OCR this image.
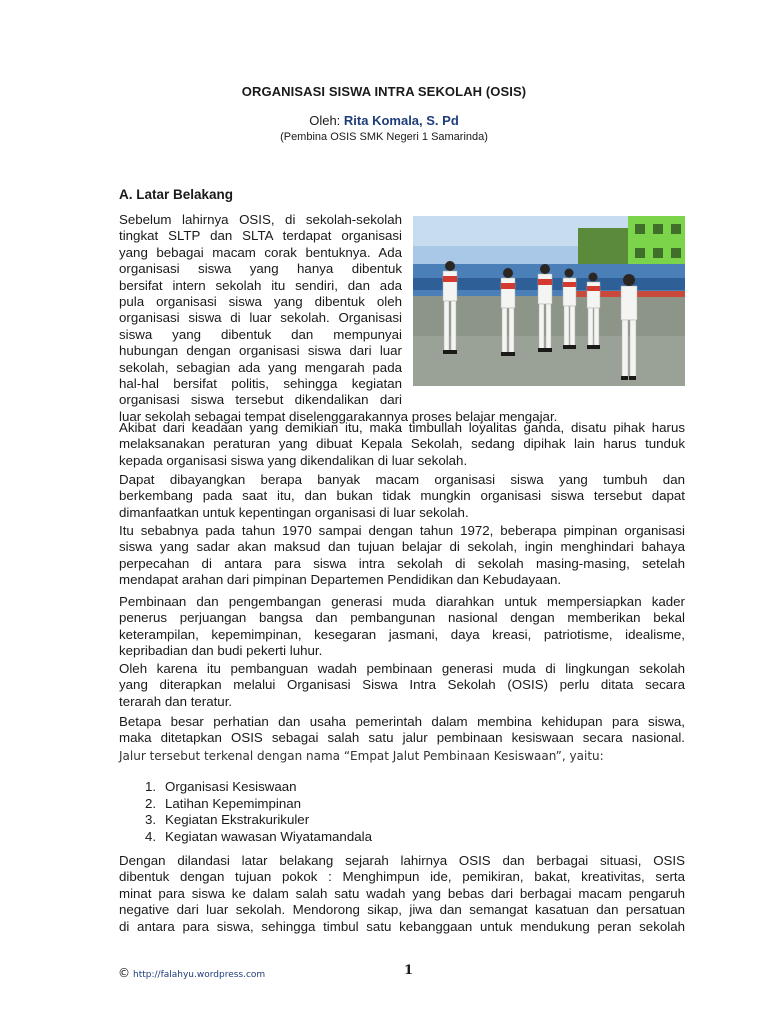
ORGANISASI SISWA INTRA SEKOLAH (OSIS)
Oleh: Rita Komala, S. Pd
(Pembina OSIS SMK Negeri 1 Samarinda)
A. Latar Belakang
Sebelum lahirnya OSIS, di sekolah-sekolah
tingkat SLTP dan SLTA terdapat organisasi
yang bebagai macam corak bentuknya. Ada
organisasi siswa yang hanya dibentuk
bersifat intern sekolah itu sendiri, dan ada
pula organisasi siswa yang dibentuk oleh
organisasi siswa di luar sekolah. Organisasi
siswa yang dibentuk dan mempunyai
hubungan dengan organisasi siswa dari luar
sekolah, sebagian ada yang mengarah pada
hal-hal bersifat politis, sehingga kegiatan
organisasi siswa tersebut dikendalikan dari
luar sekolah sebagai tempat diselenggarakannya proses belajar mengajar.
Akibat dari keadaan yang demikian itu, maka timbullah loyalitas ganda, disatu pihak harus
melaksanakan peraturan yang dibuat Kepala Sekolah, sedang dipihak lain harus tunduk
kepada organisasi siswa yang dikendalikan di luar sekolah.
Dapat dibayangkan berapa banyak macam organisasi siswa yang tumbuh dan
berkembang pada saat itu, dan bukan tidak mungkin organisasi siswa tersebut dapat
dimanfaatkan untuk kepentingan organisasi di luar sekolah.
Itu sebabnya pada tahun 1970 sampai dengan tahun 1972, beberapa pimpinan organisasi
siswa yang sadar akan maksud dan tujuan belajar di sekolah, ingin menghindari bahaya
perpecahan di antara para siswa intra sekolah di sekolah masing-masing, setelah
mendapat arahan dari pimpinan Departemen Pendidikan dan Kebudayaan.
Pembinaan dan pengembangan generasi muda diarahkan untuk mempersiapkan kader
penerus perjuangan bangsa dan pembangunan nasional dengan memberikan bekal
keterampilan, kepemimpinan, kesegaran jasmani, daya kreasi, patriotisme, idealisme,
kepribadian dan budi pekerti luhur.
Oleh karena itu pembanguan wadah pembinaan generasi muda di lingkungan sekolah
yang diterapkan melalui Organisasi Siswa Intra Sekolah (OSIS) perlu ditata secara
terarah dan teratur.
Betapa besar perhatian dan usaha pemerintah dalam membina kehidupan para siswa,
maka ditetapkan OSIS sebagai salah satu jalur pembinaan kesiswaan secara nasional.
Jalur tersebut terkenal dengan nama “Empat Jalut Pembinaan Kesiswaan”, yaitu:
1. Organisasi Kesiswaan
2. Latihan Kepemimpinan
3. Kegiatan Ekstrakurikuler
4. Kegiatan wawasan Wiyatamandala
Dengan dilandasi latar belakang sejarah lahirnya OSIS dan berbagai situasi, OSIS
dibentuk dengan tujuan pokok : Menghimpun ide, pemikiran, bakat, kreativitas, serta
minat para siswa ke dalam salah satu wadah yang bebas dari berbagai macam pengaruh
negative dari luar sekolah. Mendorong sikap, jiwa dan semangat kasatuan dan persatuan
di antara para siswa, sehingga timbul satu kebanggaan untuk mendukung peran sekolah
© http://falahyu.wordpress.com	1
